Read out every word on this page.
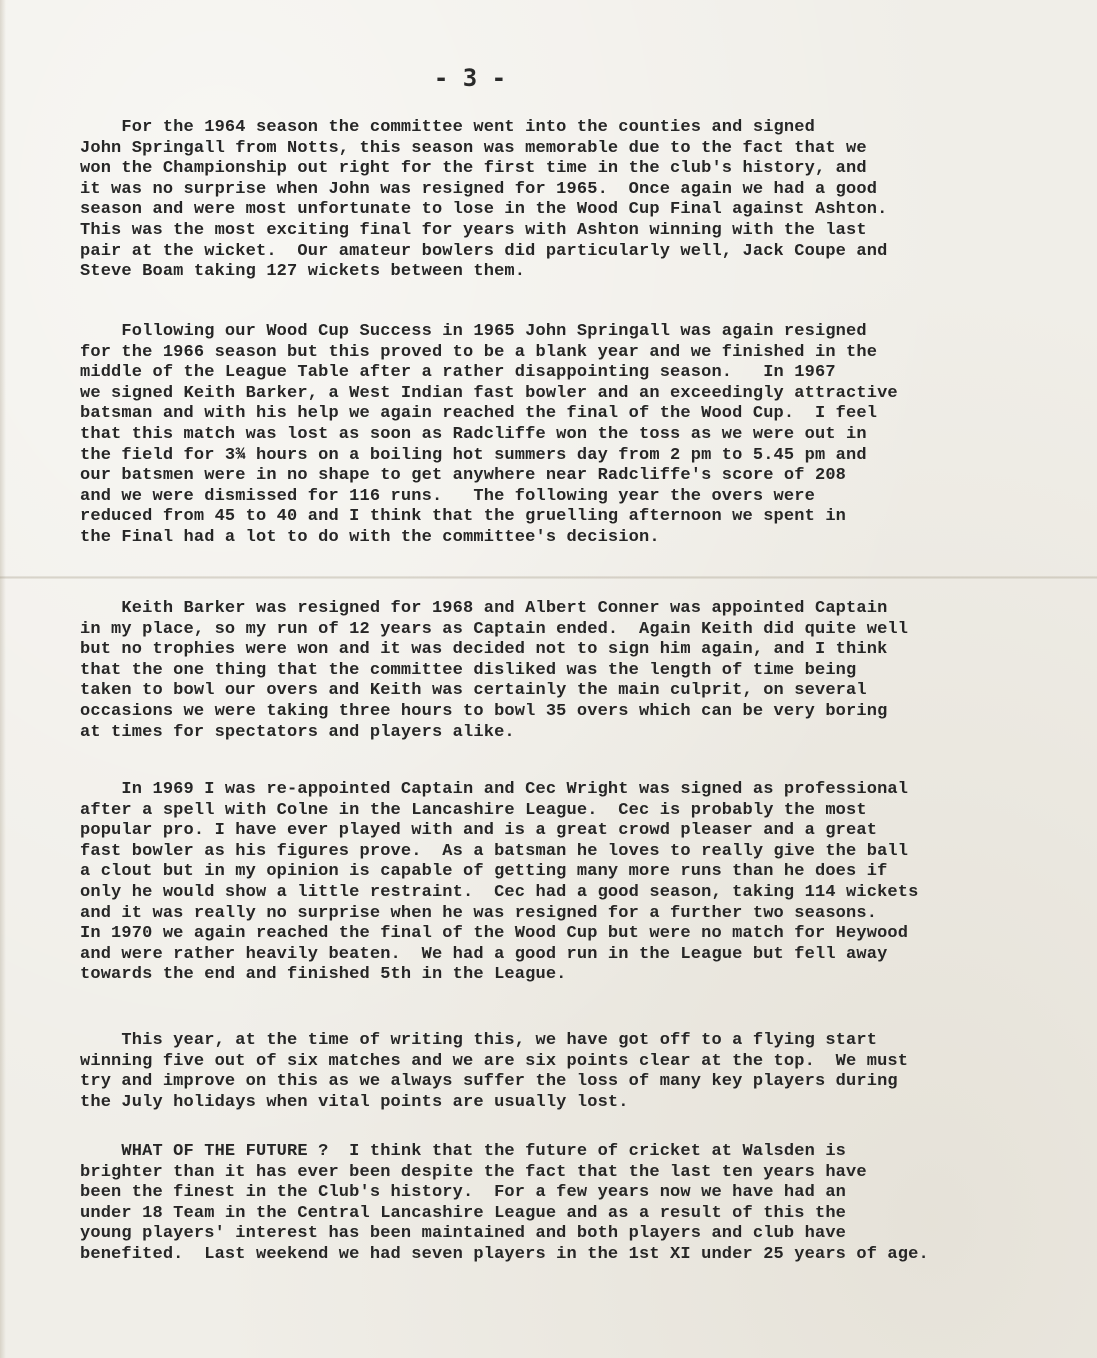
- 3 -

For the 1964 season the committee went into the counties and signed
John Springall from Notts, this season was memorable due to the fact that we
won the Championship out right for the first time in the club's history, and
it was no surprise when John was resigned for 1965.  Once again we had a good
season and were most unfortunate to lose in the Wood Cup Final against Ashton.
This was the most exciting final for years with Ashton winning with the last
pair at the wicket.  Our amateur bowlers did particularly well, Jack Coupe and
Steve Boam taking 127 wickets between them.

Following our Wood Cup Success in 1965 John Springall was again resigned
for the 1966 season but this proved to be a blank year and we finished in the
middle of the League Table after a rather disappointing season.   In 1967
we signed Keith Barker, a West Indian fast bowler and an exceedingly attractive
batsman and with his help we again reached the final of the Wood Cup.  I feel
that this match was lost as soon as Radcliffe won the toss as we were out in
the field for 3¾ hours on a boiling hot summers day from 2 pm to 5.45 pm and
our batsmen were in no shape to get anywhere near Radcliffe's score of 208
and we were dismissed for 116 runs.   The following year the overs were
reduced from 45 to 40 and I think that the gruelling afternoon we spent in
the Final had a lot to do with the committee's decision.

Keith Barker was resigned for 1968 and Albert Conner was appointed Captain
in my place, so my run of 12 years as Captain ended.  Again Keith did quite well
but no trophies were won and it was decided not to sign him again, and I think
that the one thing that the committee disliked was the length of time being
taken to bowl our overs and Keith was certainly the main culprit, on several
occasions we were taking three hours to bowl 35 overs which can be very boring
at times for spectators and players alike.

In 1969 I was re-appointed Captain and Cec Wright was signed as professional
after a spell with Colne in the Lancashire League.  Cec is probably the most
popular pro. I have ever played with and is a great crowd pleaser and a great
fast bowler as his figures prove.  As a batsman he loves to really give the ball
a clout but in my opinion is capable of getting many more runs than he does if
only he would show a little restraint.  Cec had a good season, taking 114 wickets
and it was really no surprise when he was resigned for a further two seasons.
In 1970 we again reached the final of the Wood Cup but were no match for Heywood
and were rather heavily beaten.  We had a good run in the League but fell away
towards the end and finished 5th in the League.

This year, at the time of writing this, we have got off to a flying start
winning five out of six matches and we are six points clear at the top.  We must
try and improve on this as we always suffer the loss of many key players during
the July holidays when vital points are usually lost.

WHAT OF THE FUTURE ?  I think that the future of cricket at Walsden is
brighter than it has ever been despite the fact that the last ten years have
been the finest in the Club's history.  For a few years now we have had an
under 18 Team in the Central Lancashire League and as a result of this the
young players' interest has been maintained and both players and club have
benefited.  Last weekend we had seven players in the 1st XI under 25 years of age.
